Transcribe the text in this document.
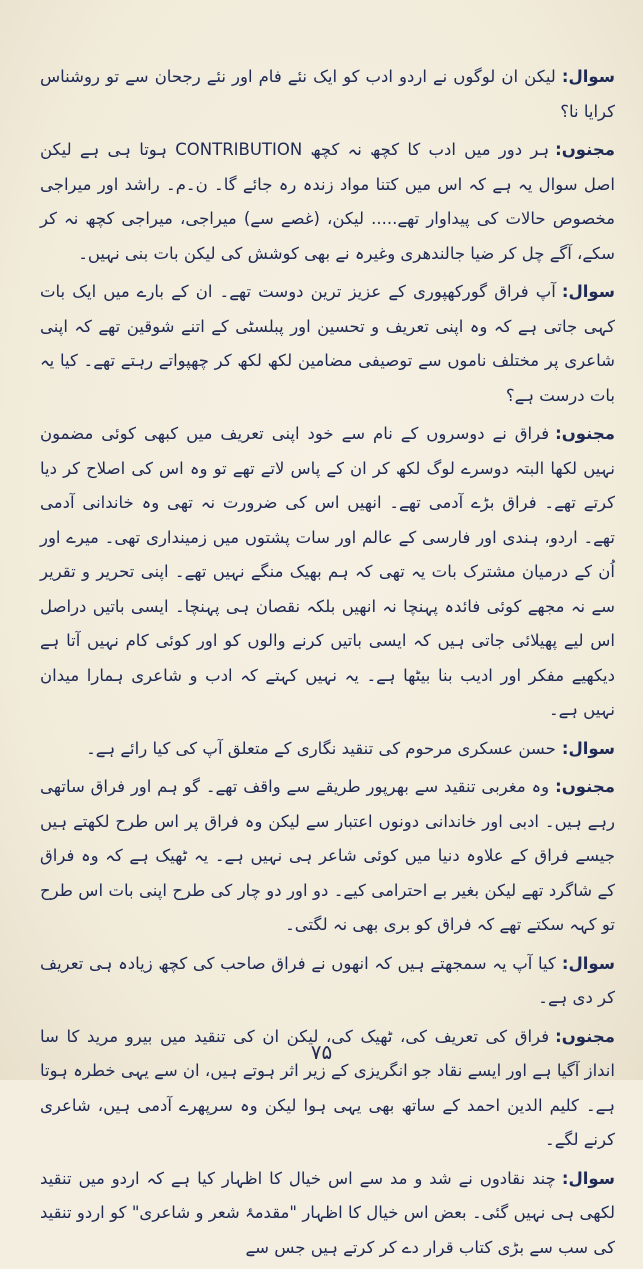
سوال:لیکن ان لوگوں نے اردو ادب کو ایک نئے فام اور نئے رجحان سے تو روشناس کرایا نا؟

مجنوں:ہر دور میں ادب کا کچھ نہ کچھ CONTRIBUTION ہوتا ہی ہے لیکن اصل سوال یہ ہے کہ اس میں کتنا مواد زندہ رہ جائے گا۔ ن۔م۔ راشد اور میراجی مخصوص حالات کی پیداوار تھے..... لیکن، (غصے سے) میراجی، میراجی کچھ نہ کر سکے، آگے چل کر ضیا جالندھری وغیرہ نے بھی کوشش کی لیکن بات بنی نہیں۔

سوال:آپ فراق گورکھپوری کے عزیز ترین دوست تھے۔ ان کے بارے میں ایک بات کہی جاتی ہے کہ وہ اپنی تعریف و تحسین اور پبلسٹی کے اتنے شوقین تھے کہ اپنی شاعری پر مختلف ناموں سے توصیفی مضامین لکھ لکھ کر چھپواتے رہتے تھے۔ کیا یہ بات درست ہے؟

مجنوں:فراق نے دوسروں کے نام سے خود اپنی تعریف میں کبھی کوئی مضمون نہیں لکھا البتہ دوسرے لوگ لکھ کر ان کے پاس لاتے تھے تو وہ اس کی اصلاح کر دیا کرتے تھے۔ فراق بڑے آدمی تھے۔ انھیں اس کی ضرورت نہ تھی وہ خاندانی آدمی تھے۔ اردو، ہندی اور فارسی کے عالم اور سات پشتوں میں زمینداری تھی۔ میرے اور اُن کے درمیان مشترک بات یہ تھی کہ ہم بھیک منگے نہیں تھے۔ اپنی تحریر و تقریر سے نہ مجھے کوئی فائدہ پہنچا نہ انھیں بلکہ نقصان ہی پہنچا۔ ایسی باتیں دراصل اس لیے پھیلائی جاتی ہیں کہ ایسی باتیں کرنے والوں کو اور کوئی کام نہیں آتا ہے دیکھیے مفکر اور ادیب بنا بیٹھا ہے۔ یہ نہیں کہتے کہ ادب و شاعری ہمارا میدان نہیں ہے۔

سوال:حسن عسکری مرحوم کی تنقید نگاری کے متعلق آپ کی کیا رائے ہے۔

مجنوں:وہ مغربی تنقید سے بھرپور طریقے سے واقف تھے۔ گو ہم اور فراق ساتھی رہے ہیں۔ ادبی اور خاندانی دونوں اعتبار سے لیکن وہ فراق پر اس طرح لکھتے ہیں جیسے فراق کے علاوہ دنیا میں کوئی شاعر ہی نہیں ہے۔ یہ ٹھیک ہے کہ وہ فراق کے شاگرد تھے لیکن بغیر بے احترامی کیے۔ دو اور دو چار کی طرح اپنی بات اس طرح تو کہہ سکتے تھے کہ فراق کو بری بھی نہ لگتی۔

سوال:کیا آپ یہ سمجھتے ہیں کہ انھوں نے فراق صاحب کی کچھ زیادہ ہی تعریف کر دی ہے۔

مجنوں:فراق کی تعریف کی، ٹھیک کی، لیکن ان کی تنقید میں بیرو مرید کا سا انداز آگیا ہے اور ایسے نقاد جو انگریزی کے زیر اثر ہوتے ہیں، ان سے یہی خطرہ ہوتا ہے۔ کلیم الدین احمد کے ساتھ بھی یہی ہوا لیکن وہ سرپھرے آدمی ہیں، شاعری کرنے لگے۔

سوال:چند نقادوں نے شد و مد سے اس خیال کا اظہار کیا ہے کہ اردو میں تنقید لکھی ہی نہیں گئی۔ بعض اس خیال کا اظہار "مقدمۂ شعر و شاعری" کو اردو تنقید کی سب سے بڑی کتاب قرار دے کر کرتے ہیں جس سے

۷۵
